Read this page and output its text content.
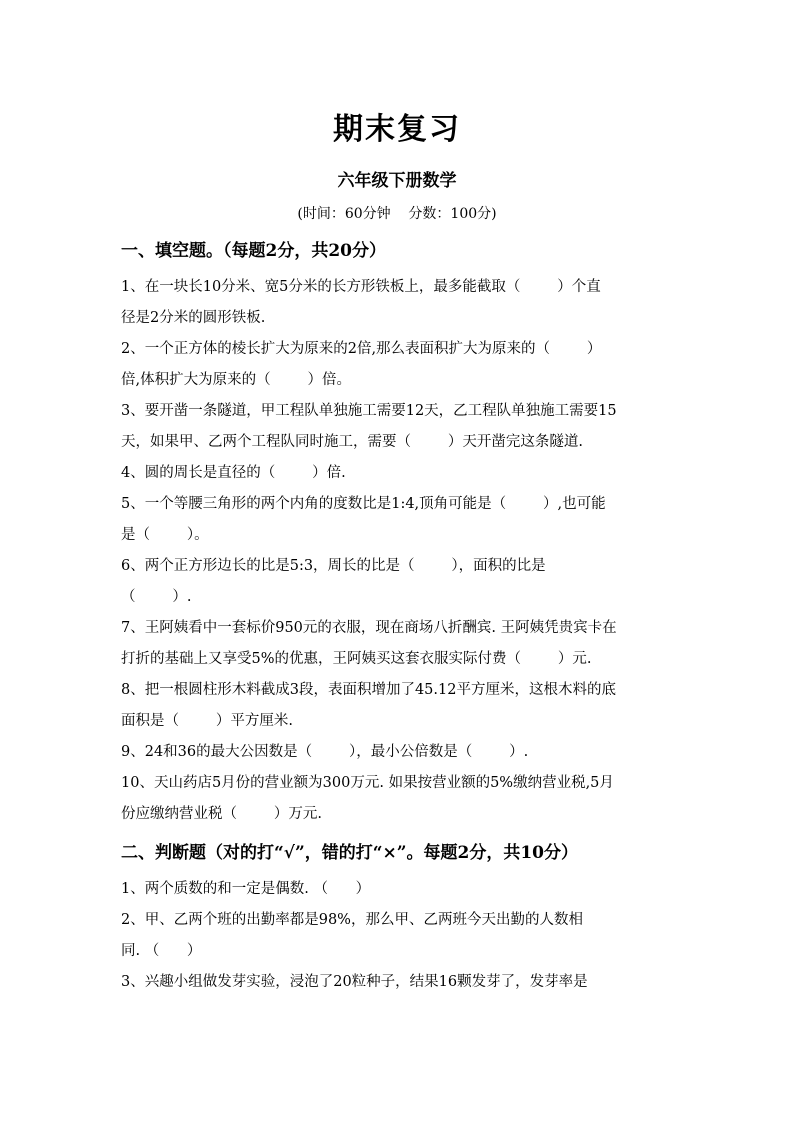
期末复习
六年级下册数学
(时间：60分钟    分数：100分)
一、填空题。（每题2分，共20分）
1、在一块长10分米、宽5分米的长方形铁板上，最多能截取（        ）个直
径是2分米的圆形铁板.
2、一个正方体的棱长扩大为原来的2倍,那么表面积扩大为原来的（        ）
倍,体积扩大为原来的（        ）倍。
3、要开凿一条隧道，甲工程队单独施工需要12天，乙工程队单独施工需要15
天，如果甲、乙两个工程队同时施工，需要（        ）天开凿完这条隧道.
4、圆的周长是直径的（        ）倍.
5、一个等腰三角形的两个内角的度数比是1:4,顶角可能是（        ）,也可能
是（        ）。
6、两个正方形边长的比是5:3，周长的比是（        ），面积的比是
（        ）.
7、王阿姨看中一套标价950元的衣服，现在商场八折酬宾. 王阿姨凭贵宾卡在
打折的基础上又享受5%的优惠，王阿姨买这套衣服实际付费（        ）元.
8、把一根圆柱形木料截成3段，表面积增加了45.12平方厘米，这根木料的底
面积是（        ）平方厘米.
9、24和36的最大公因数是（        ），最小公倍数是（        ）.
10、天山药店5月份的营业额为300万元. 如果按营业额的5%缴纳营业税,5月
份应缴纳营业税（        ）万元.
二、判断题（对的打“√”，错的打“×”。每题2分，共10分）
1、两个质数的和一定是偶数. （      ）
2、甲、乙两个班的出勤率都是98%，那么甲、乙两班今天出勤的人数相
同. （      ）
3、兴趣小组做发芽实验，浸泡了20粒种子，结果16颗发芽了，发芽率是
